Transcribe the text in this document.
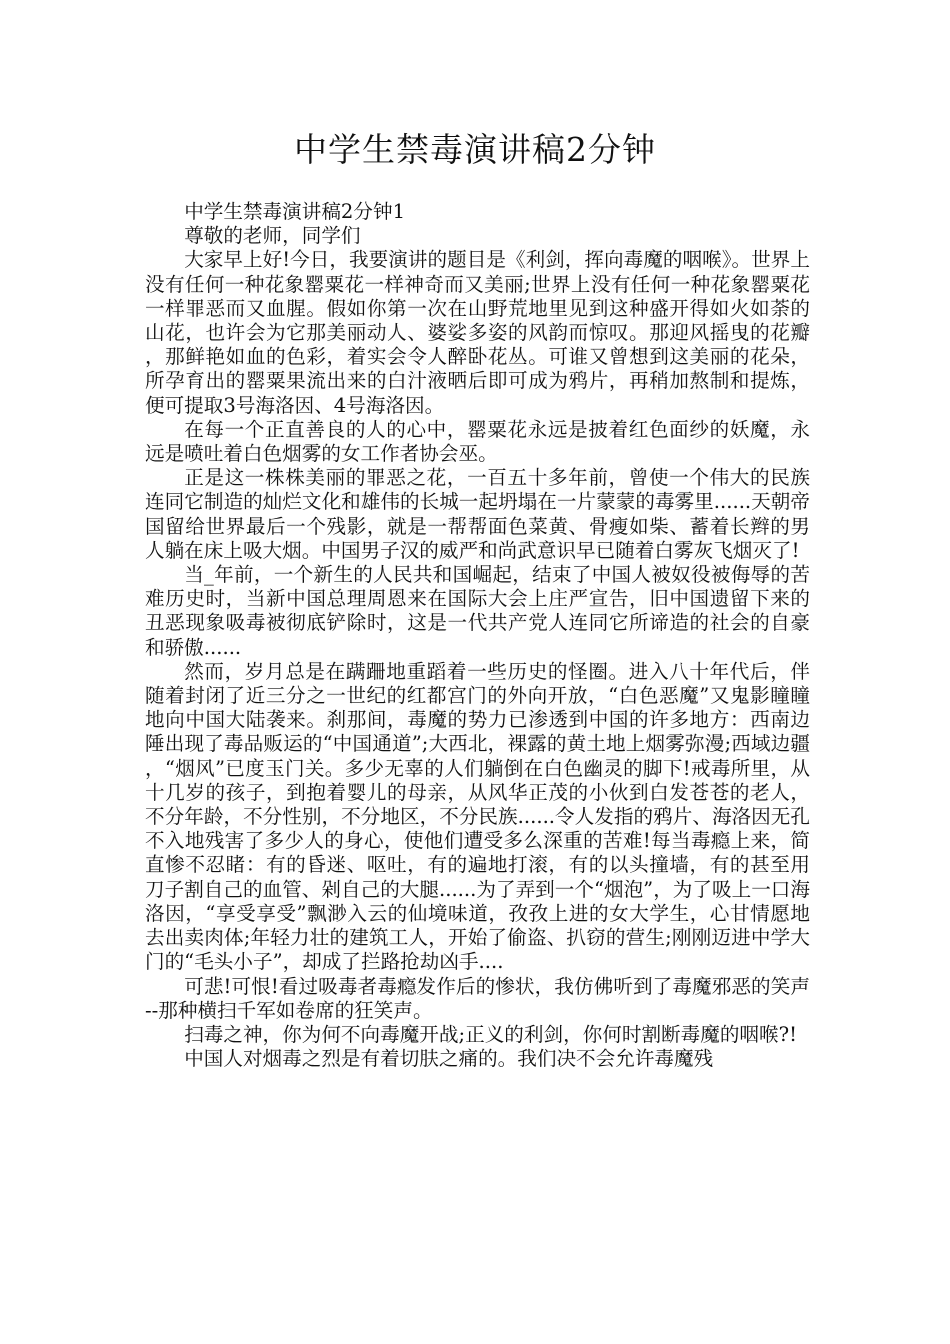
中学生禁毒演讲稿2分钟

中学生禁毒演讲稿2分钟1

尊敬的老师，同学们

大家早上好!今日，我要演讲的题目是《利剑，挥向毒魔的咽喉》。世界上没有任何一种花象罂粟花一样神奇而又美丽;世界上没有任何一种花象罂粟花一样罪恶而又血腥。假如你第一次在山野荒地里见到这种盛开得如火如荼的山花，也许会为它那美丽动人、婆娑多姿的风韵而惊叹。那迎风摇曳的花瓣，那鲜艳如血的色彩，着实会令人醉卧花丛。可谁又曾想到这美丽的花朵，所孕育出的罂粟果流出来的白汁液晒后即可成为鸦片，再稍加熬制和提炼，便可提取3号海洛因、4号海洛因。

在每一个正直善良的人的心中，罂粟花永远是披着红色面纱的妖魔，永远是喷吐着白色烟雾的女工作者协会巫。

正是这一株株美丽的罪恶之花，一百五十多年前，曾使一个伟大的民族连同它制造的灿烂文化和雄伟的长城一起坍塌在一片蒙蒙的毒雾里......天朝帝国留给世界最后一个残影，就是一帮帮面色菜黄、骨瘦如柴、蓄着长辫的男人躺在床上吸大烟。中国男子汉的威严和尚武意识早已随着白雾灰飞烟灭了!

当_年前，一个新生的人民共和国崛起，结束了中国人被奴役被侮辱的苦难历史时，当新中国总理周恩来在国际大会上庄严宣告，旧中国遗留下来的丑恶现象吸毒被彻底铲除时，这是一代共产党人连同它所谛造的社会的自豪和骄傲......

然而，岁月总是在蹒跚地重蹈着一些历史的怪圈。进入八十年代后，伴随着封闭了近三分之一世纪的红都宫门的外向开放，“白色恶魔”又鬼影瞳瞳地向中国大陆袭来。刹那间，毒魔的势力已渗透到中国的许多地方：西南边陲出现了毒品贩运的“中国通道”;大西北，裸露的黄土地上烟雾弥漫;西域边疆，“烟风”已度玉门关。多少无辜的人们躺倒在白色幽灵的脚下!戒毒所里，从十几岁的孩子，到抱着婴儿的母亲，从风华正茂的小伙到白发苍苍的老人，不分年龄，不分性别，不分地区，不分民族......令人发指的鸦片、海洛因无孔不入地残害了多少人的身心，使他们遭受多么深重的苦难!每当毒瘾上来，简直惨不忍睹：有的昏迷、呕吐，有的遍地打滚，有的以头撞墙，有的甚至用刀子割自己的血管、剁自己的大腿......为了弄到一个“烟泡”，为了吸上一口海洛因，“享受享受”飘渺入云的仙境味道，孜孜上进的女大学生，心甘情愿地去出卖肉体;年轻力壮的建筑工人，开始了偷盗、扒窃的营生;刚刚迈进中学大门的“毛头小子”，却成了拦路抢劫凶手....

可悲!可恨!看过吸毒者毒瘾发作后的惨状，我仿佛听到了毒魔邪恶的笑声--那种横扫千军如卷席的狂笑声。

扫毒之神，你为何不向毒魔开战;正义的利剑，你何时割断毒魔的咽喉?!

中国人对烟毒之烈是有着切肤之痛的。我们决不会允许毒魔残
